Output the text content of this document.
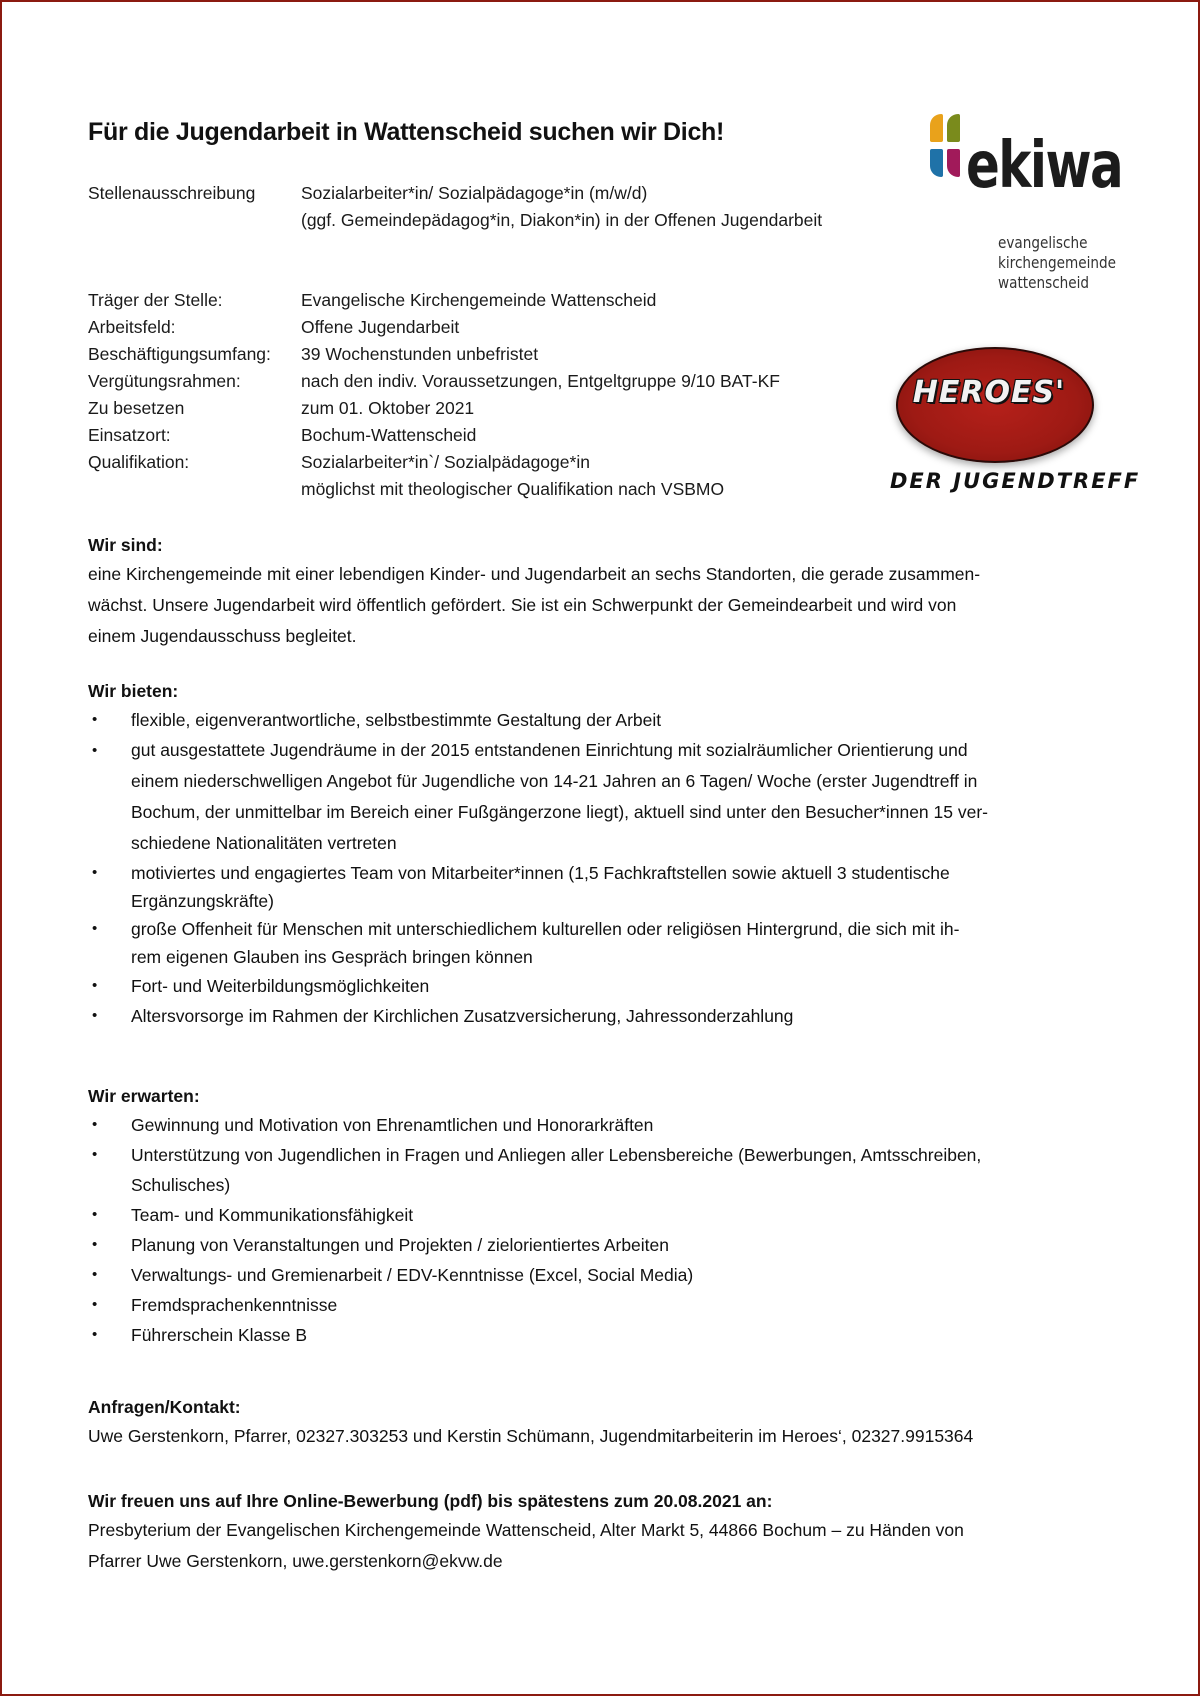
Für die Jugendarbeit in Wattenscheid suchen wir Dich!
Stellenausschreibung	Sozialarbeiter*in/ Sozialpädagoge*in (m/w/d)
(ggf. Gemeindepädagog*in, Diakon*in) in der Offenen Jugendarbeit
Träger der Stelle:	Evangelische Kirchengemeinde Wattenscheid
Arbeitsfeld:	Offene Jugendarbeit
Beschäftigungsumfang:	39 Wochenstunden unbefristet
Vergütungsrahmen:	nach den indiv. Voraussetzungen, Entgeltgruppe 9/10 BAT-KF
Zu besetzen	zum 01. Oktober 2021
Einsatzort:	Bochum-Wattenscheid
Qualifikation:	Sozialarbeiter*in`/ Sozialpädagoge*in
möglichst mit theologischer Qualifikation nach VSBMO
ekiwa
evangelische
kirchengemeinde
wattenscheid
HEROES'
DER JUGENDTREFF
Wir sind:
eine Kirchengemeinde mit einer lebendigen Kinder- und Jugendarbeit an sechs Standorten, die gerade zusammen-
wächst. Unsere Jugendarbeit wird öffentlich gefördert. Sie ist ein Schwerpunkt der Gemeindearbeit und wird von
einem Jugendausschuss begleitet.
Wir bieten:
• flexible, eigenverantwortliche, selbstbestimmte Gestaltung der Arbeit
• gut ausgestattete Jugendräume in der 2015 entstandenen Einrichtung mit sozialräumlicher Orientierung und
einem niederschwelligen Angebot für Jugendliche von 14-21 Jahren an 6 Tagen/ Woche (erster Jugendtreff in
Bochum, der unmittelbar im Bereich einer Fußgängerzone liegt), aktuell sind unter den Besucher*innen 15 ver-
schiedene Nationalitäten vertreten
• motiviertes und engagiertes Team von Mitarbeiter*innen (1,5 Fachkraftstellen sowie aktuell 3 studentische
Ergänzungskräfte)
• große Offenheit für Menschen mit unterschiedlichem kulturellen oder religiösen Hintergrund, die sich mit ih-
rem eigenen Glauben ins Gespräch bringen können
• Fort- und Weiterbildungsmöglichkeiten
• Altersvorsorge im Rahmen der Kirchlichen Zusatzversicherung, Jahressonderzahlung
Wir erwarten:
• Gewinnung und Motivation von Ehrenamtlichen und Honorarkräften
• Unterstützung von Jugendlichen in Fragen und Anliegen aller Lebensbereiche (Bewerbungen, Amtsschreiben,
Schulisches)
• Team- und Kommunikationsfähigkeit
• Planung von Veranstaltungen und Projekten / zielorientiertes Arbeiten
• Verwaltungs- und Gremienarbeit / EDV-Kenntnisse (Excel, Social Media)
• Fremdsprachenkenntnisse
• Führerschein Klasse B
Anfragen/Kontakt:
Uwe Gerstenkorn, Pfarrer, 02327.303253 und Kerstin Schümann, Jugendmitarbeiterin im Heroes‘, 02327.9915364
Wir freuen uns auf Ihre Online-Bewerbung (pdf) bis spätestens zum 20.08.2021 an:
Presbyterium der Evangelischen Kirchengemeinde Wattenscheid, Alter Markt 5, 44866 Bochum – zu Händen von
Pfarrer Uwe Gerstenkorn, uwe.gerstenkorn@ekvw.de
